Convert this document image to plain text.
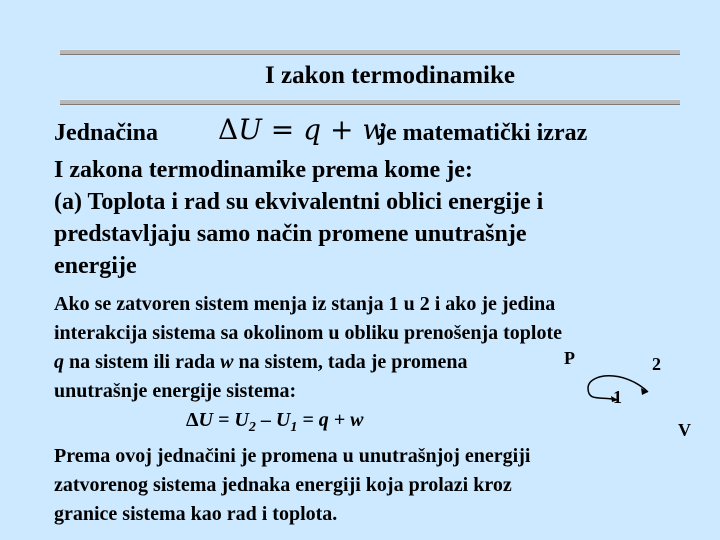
I zakon termodinamike
Jednačina	je matematički izraz
ΔU = q + w
I zakona termodinamike prema kome je:
(a) Toplota i rad su ekvivalentni oblici energije i
predstavljaju samo način promene unutrašnje
energije
Ako se zatvoren sistem menja iz stanja 1 u 2 i ako je jedina
interakcija sistema sa okolinom u obliku prenošenja toplote
q na sistem ili rada w na sistem, tada je promena
unutrašnje energije sistema:
$\Delta U = U_2 - U_1 = q + w$
Prema ovoj jednačini je promena u unutrašnjoj energiji
zatvorenog sistema jednaka energiji koja prolazi kroz
granice sistema kao rad i toplota.
P	2
1
V
